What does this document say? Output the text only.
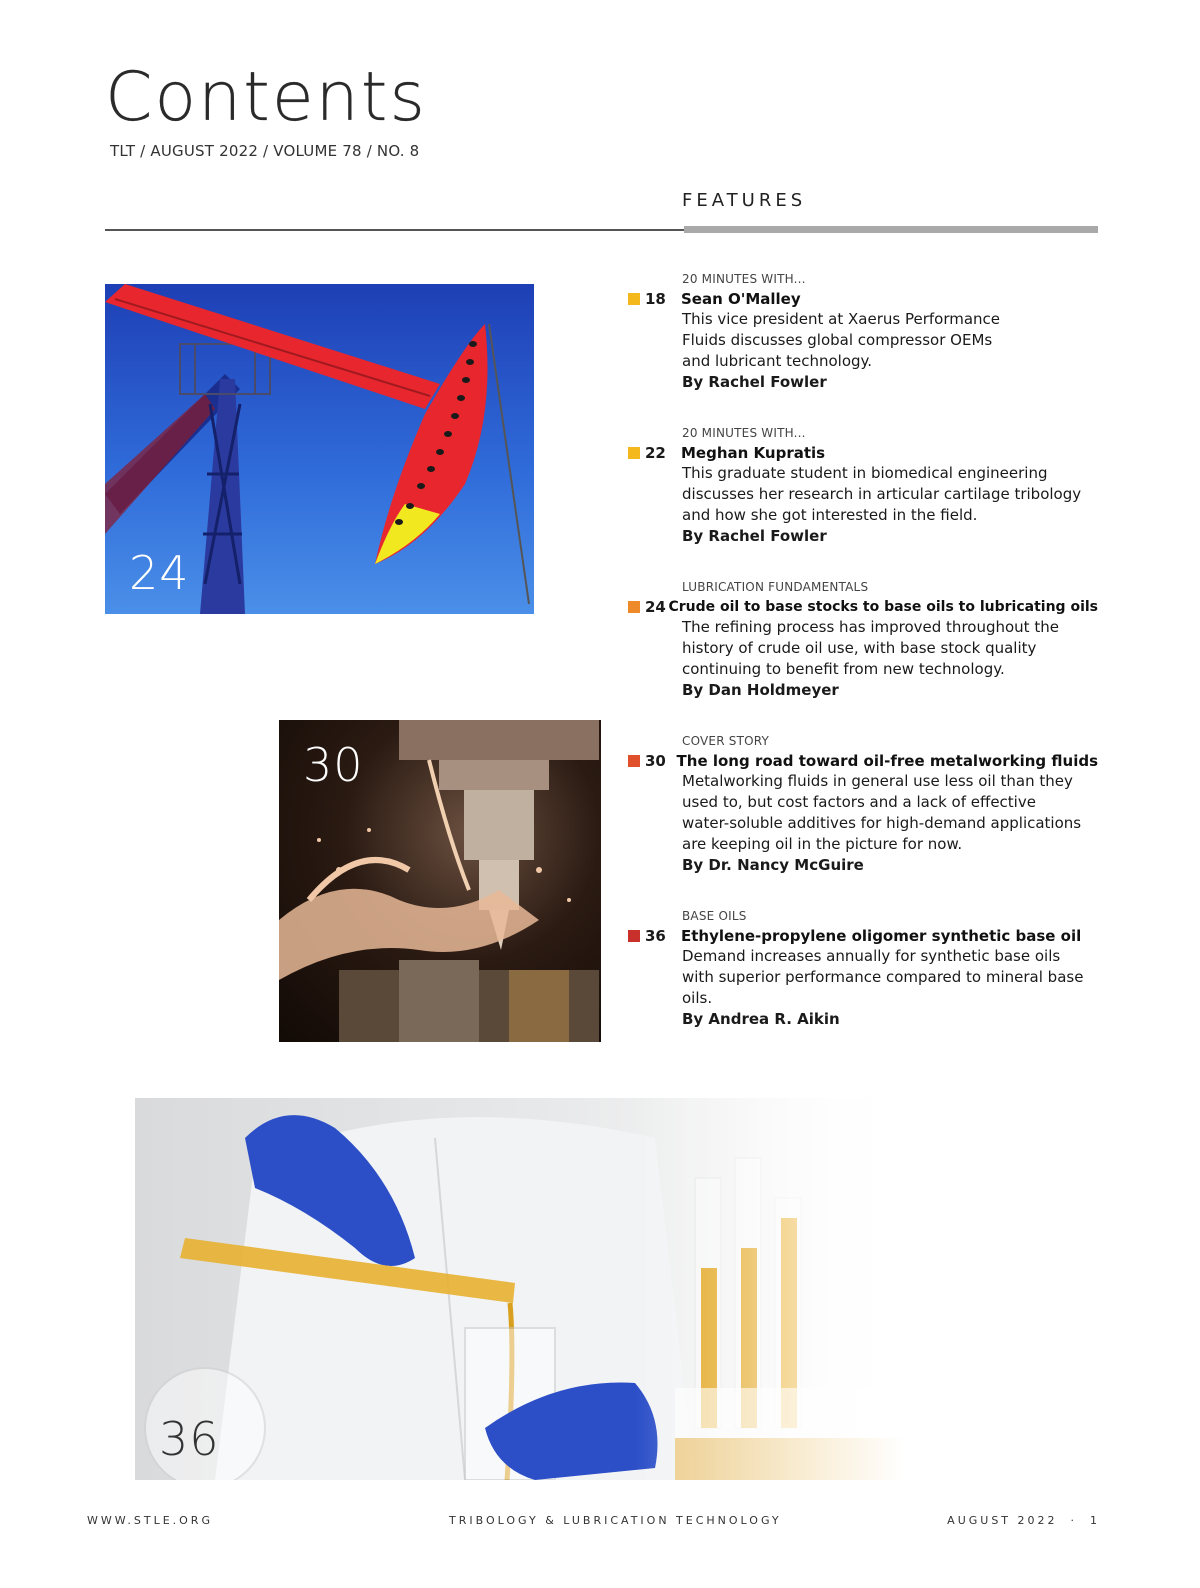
Contents
TLT / AUGUST 2022 / VOLUME 78 / NO. 8
FEATURES
24
30
36
20 MINUTES WITH...
18	Sean O'Malley
This vice president at Xaerus Performance Fluids discusses global compressor OEMs and lubricant technology.
By Rachel Fowler
20 MINUTES WITH...
22	Meghan Kupratis
This graduate student in biomedical engineering discusses her research in articular cartilage tribology and how she got interested in the field.
By Rachel Fowler
LUBRICATION FUNDAMENTALS
24 Crude oil to base stocks to base oils to lubricating oils
The refining process has improved throughout the history of crude oil use, with base stock quality continuing to benefit from new technology.
By Dan Holdmeyer
COVER STORY
30 The long road toward oil-free metalworking fluids
Metalworking fluids in general use less oil than they used to, but cost factors and a lack of effective water-soluble additives for high-demand applications are keeping oil in the picture for now.
By Dr. Nancy McGuire
BASE OILS
36	Ethylene-propylene oligomer synthetic base oil
Demand increases annually for synthetic base oils with superior performance compared to mineral base oils.
By Andrea R. Aikin
WWW.STLE.ORG	TRIBOLOGY & LUBRICATION TECHNOLOGY	AUGUST 2022  ·  1
